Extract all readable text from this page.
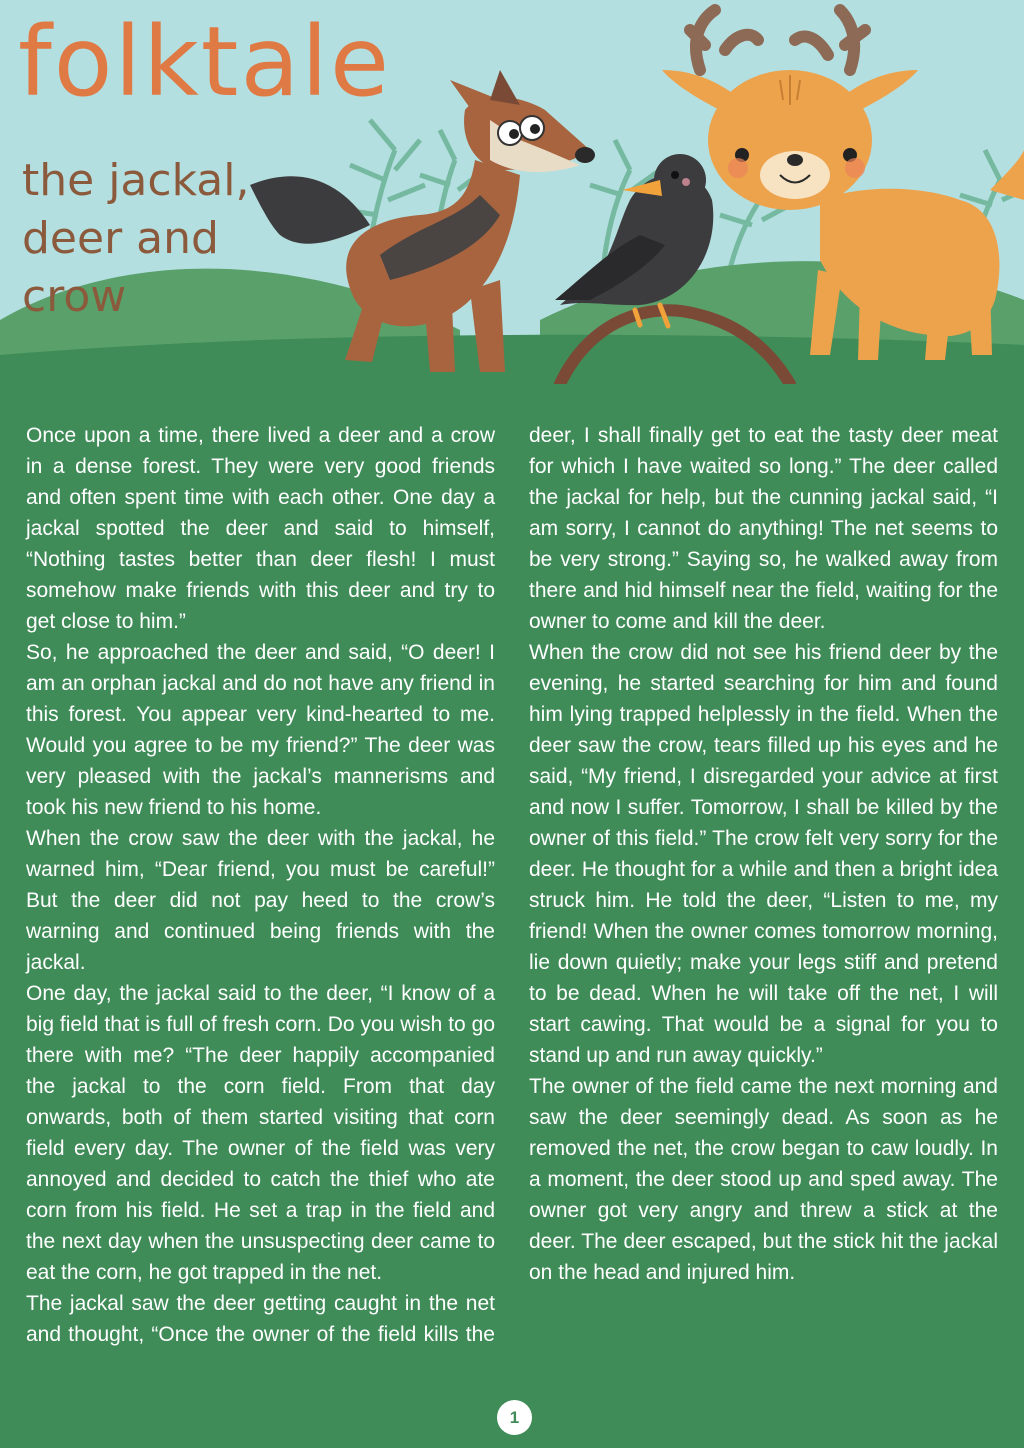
folktale
the jackal, deer and crow

Once upon a time, there lived a deer and a crow in a dense forest. They were very good friends and often spent time with each other. One day a jackal spotted the deer and said to himself, “Nothing tastes better than deer flesh! I must somehow make friends with this deer and try to get close to him.”

So, he approached the deer and said, “O deer! I am an orphan jackal and do not have any friend in this forest. You appear very kind-hearted to me. Would you agree to be my friend?” The deer was very pleased with the jackal’s mannerisms and took his new friend to his home.

When the crow saw the deer with the jackal, he warned him, “Dear friend, you must be careful!” But the deer did not pay heed to the crow’s warning and continued being friends with the jackal.

One day, the jackal said to the deer, “I know of a big field that is full of fresh corn. Do you wish to go there with me? “The deer happily accompanied the jackal to the corn field. From that day onwards, both of them started visiting that corn field every day. The owner of the field was very annoyed and decided to catch the thief who ate corn from his field. He set a trap in the field and the next day when the unsuspecting deer came to eat the corn, he got trapped in the net.

The jackal saw the deer getting caught in the net and thought, “Once the owner of the field kills the deer, I shall finally get to eat the tasty deer meat for which I have waited so long.” The deer called the jackal for help, but the cunning jackal said, “I am sorry, I cannot do anything! The net seems to be very strong.” Saying so, he walked away from there and hid himself near the field, waiting for the owner to come and kill the deer.

When the crow did not see his friend deer by the evening, he started searching for him and found him lying trapped helplessly in the field. When the deer saw the crow, tears filled up his eyes and he said, “My friend, I disregarded your advice at first and now I suffer. Tomorrow, I shall be killed by the owner of this field.” The crow felt very sorry for the deer. He thought for a while and then a bright idea struck him. He told the deer, “Listen to me, my friend! When the owner comes tomorrow morning, lie down quietly; make your legs stiff and pretend to be dead. When he will take off the net, I will start cawing. That would be a signal for you to stand up and run away quickly.”

The owner of the field came the next morning and saw the deer seemingly dead. As soon as he removed the net, the crow began to caw loudly. In a moment, the deer stood up and sped away. The owner got very angry and threw a stick at the deer. The deer escaped, but the stick hit the jackal on the head and injured him.

1
